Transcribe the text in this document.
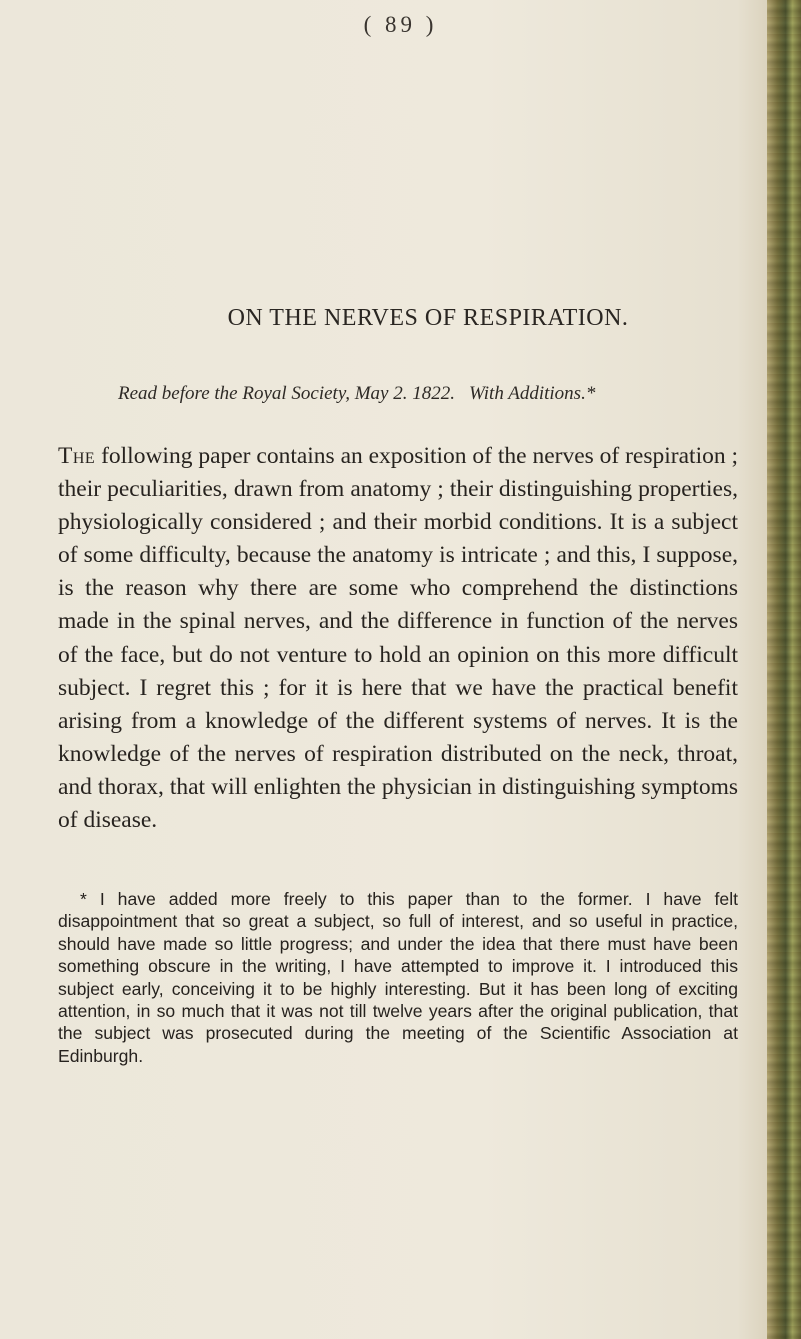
( 89 )
ON THE NERVES OF RESPIRATION.
Read before the Royal Society, May 2. 1822. With Additions.*
The following paper contains an exposition of the nerves of respiration ; their peculiarities, drawn from anatomy ; their distinguishing properties, physiologically considered ; and their morbid conditions. It is a subject of some difficulty, because the anatomy is intricate ; and this, I suppose, is the reason why there are some who comprehend the distinctions made in the spinal nerves, and the difference in function of the nerves of the face, but do not venture to hold an opinion on this more difficult subject. I regret this ; for it is here that we have the practical benefit arising from a knowledge of the different systems of nerves. It is the knowledge of the nerves of respiration distributed on the neck, throat, and thorax, that will enlighten the physician in distinguishing symptoms of disease.
* I have added more freely to this paper than to the former. I have felt disappointment that so great a subject, so full of interest, and so useful in practice, should have made so little progress; and under the idea that there must have been something obscure in the writing, I have attempted to improve it. I introduced this subject early, conceiving it to be highly interesting. But it has been long of exciting attention, in so much that it was not till twelve years after the original publication, that the subject was prosecuted during the meeting of the Scientific Association at Edinburgh.
